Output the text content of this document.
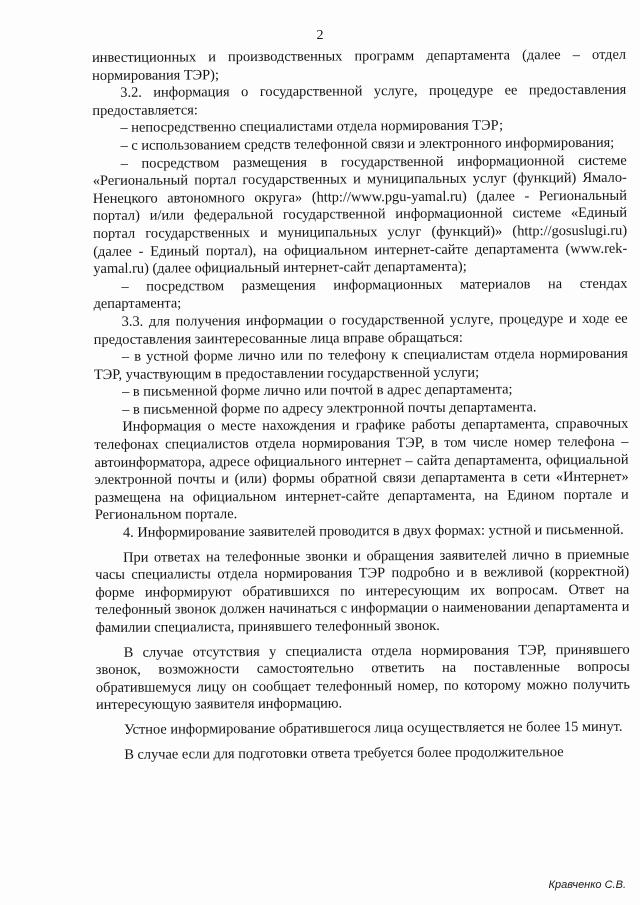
2

инвестиционных и производственных программ департамента (далее – отдел нормирования ТЭР);

3.2. информация о государственной услуге, процедуре ее предоставления предоставляется:

– непосредственно специалистами отдела нормирования ТЭР;

– с использованием средств телефонной связи и электронного информирования;

– посредством размещения в государственной информационной системе «Региональный портал государственных и муниципальных услуг (функций) Ямало-Ненецкого автономного округа» (http://www.pgu-yamal.ru) (далее - Региональный портал) и/или федеральной государственной информационной системе «Единый портал государственных и муниципальных услуг (функций)» (http://gosuslugi.ru) (далее - Единый портал), на официальном интернет-сайте департамента (www.rek-yamal.ru) (далее официальный интернет-сайт департамента);

– посредством размещения информационных материалов на стендах департамента;

3.3. для получения информации о государственной услуге, процедуре и ходе ее предоставления заинтересованные лица вправе обращаться:

– в устной форме лично или по телефону к специалистам отдела нормирования ТЭР, участвующим в предоставлении государственной услуги;

– в письменной форме лично или почтой в адрес департамента;

– в письменной форме по адресу электронной почты департамента.

Информация о месте нахождения и графике работы департамента, справочных телефонах специалистов отдела нормирования ТЭР, в том числе номер телефона – автоинформатора, адресе официального интернет – сайта департамента, официальной электронной почты и (или) формы обратной связи департамента в сети «Интернет» размещена на официальном интернет-сайте департамента, на Едином портале и Региональном портале.

4. Информирование заявителей проводится в двух формах: устной и письменной.

При ответах на телефонные звонки и обращения заявителей лично в приемные часы специалисты отдела нормирования ТЭР подробно и в вежливой (корректной) форме информируют обратившихся по интересующим их вопросам. Ответ на телефонный звонок должен начинаться с информации о наименовании департамента и фамилии специалиста, принявшего телефонный звонок.

В случае отсутствия у специалиста отдела нормирования ТЭР, принявшего звонок, возможности самостоятельно ответить на поставленные вопросы обратившемуся лицу он сообщает телефонный номер, по которому можно получить интересующую заявителя информацию.

Устное информирование обратившегося лица осуществляется не более 15 минут.

В случае если для подготовки ответа требуется более продолжительное

Кравченко С.В.
